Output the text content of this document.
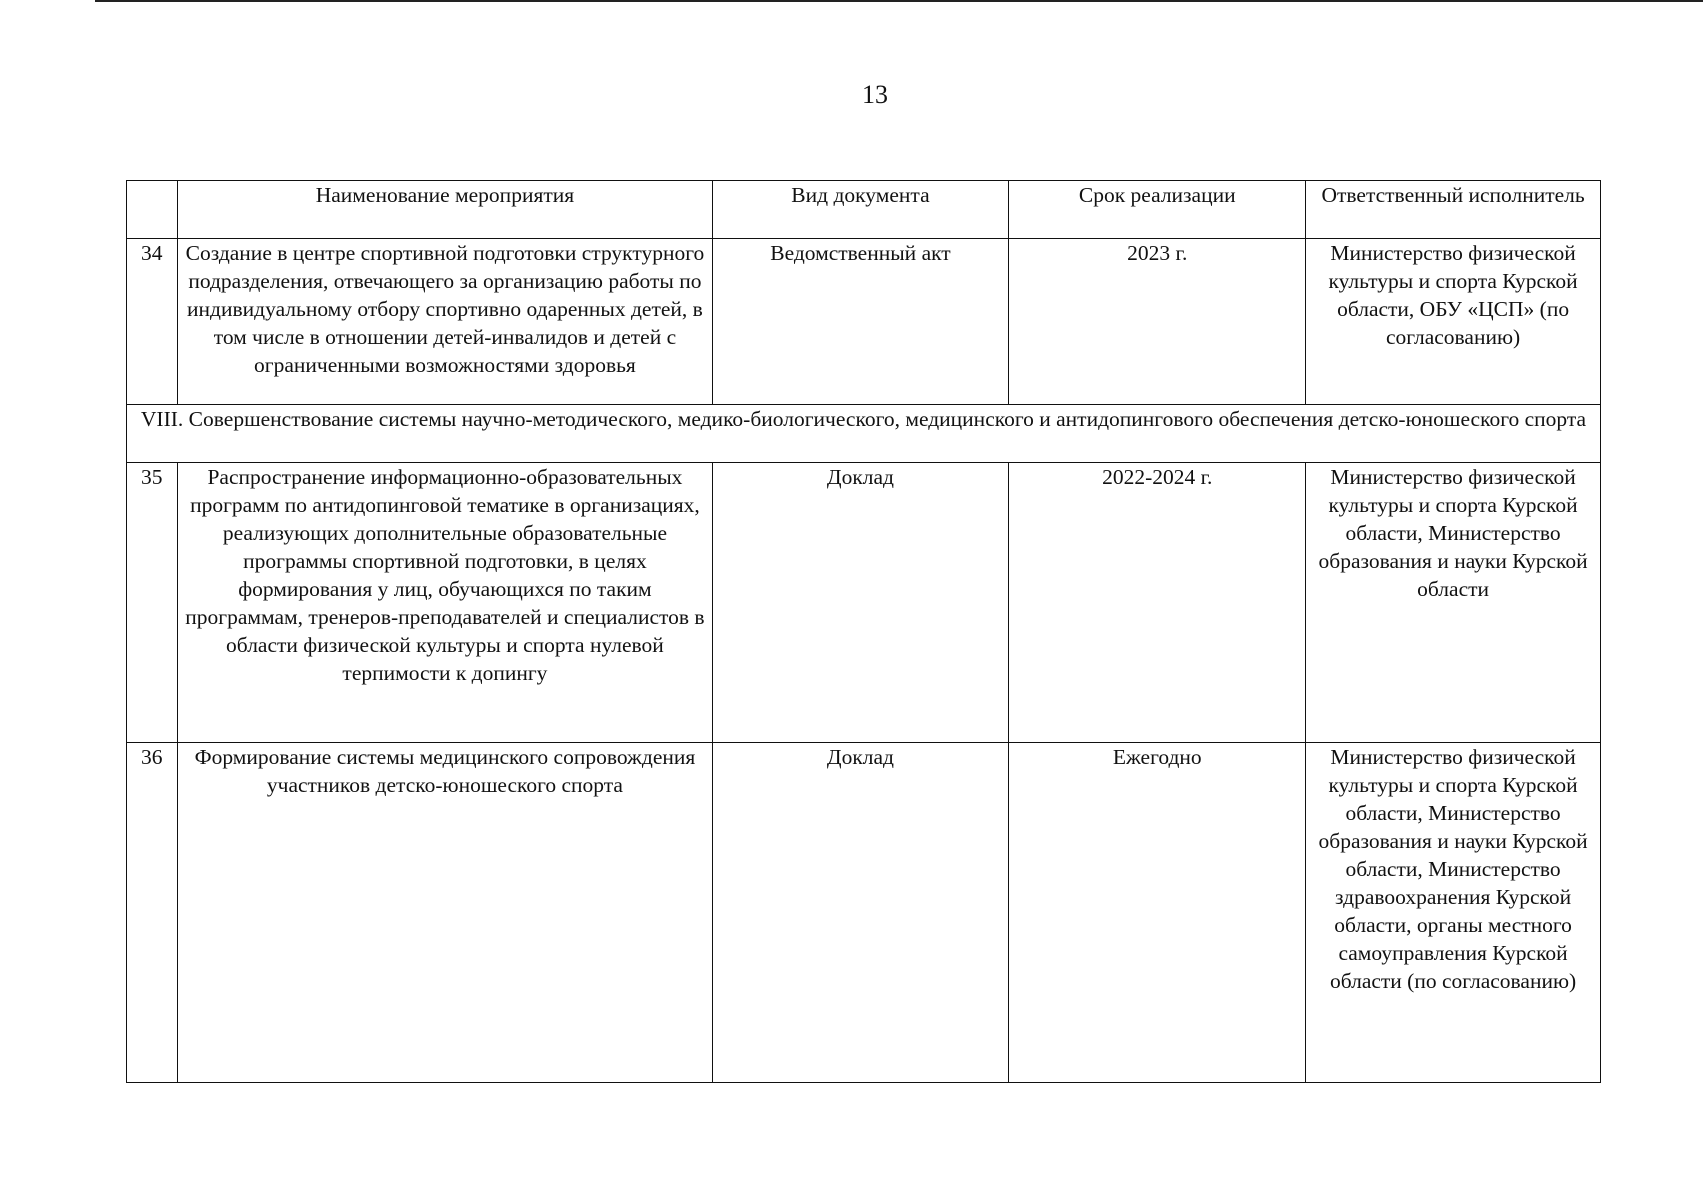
13
	Наименование мероприятия	Вид документа	Срок реализации	Ответственный исполнитель
34	Создание в центре спортивной подготовки структурного подразделения, отвечающего за организацию работы по индивидуальному отбору спортивно одаренных детей, в том числе в отношении детей-инвалидов и детей с ограниченными возможностями здоровья	Ведомственный акт	2023 г.	Министерство физической культуры и спорта Курской области, ОБУ «ЦСП» (по согласованию)
VIII. Совершенствование системы научно-методического, медико-биологического, медицинского и антидопингового обеспечения детско-юношеского спорта				
35	Распространение информационно-образовательных программ по антидопинговой тематике в организациях, реализующих дополнительные образовательные программы спортивной подготовки, в целях формирования у лиц, обучающихся по таким программам, тренеров-преподавателей и специалистов в области физической культуры и спорта нулевой терпимости к допингу	Доклад	2022-2024 г.	Министерство физической культуры и спорта Курской области, Министерство образования и науки Курской области
36	Формирование системы медицинского сопровождения участников детско-юношеского спорта	Доклад	Ежегодно	Министерство физической культуры и спорта Курской области, Министерство образования и науки Курской области, Министерство здравоохранения Курской области, органы местного самоуправления Курской области (по согласованию)
